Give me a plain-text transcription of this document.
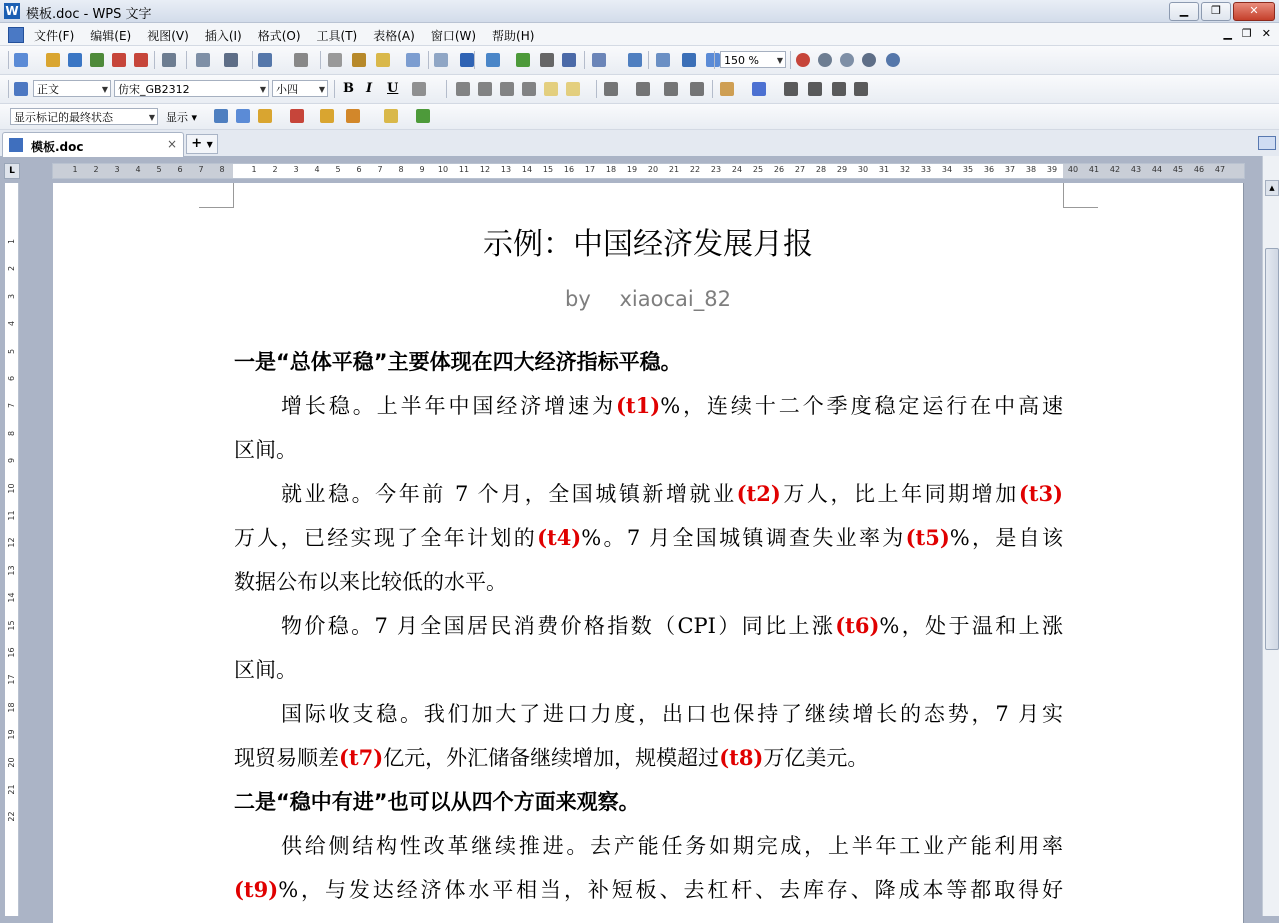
W 模板.doc - WPS 文字	▁	❐	✕
文件(F) 编辑(E) 视图(V) 插入(I) 格式(O) 工具(T) 表格(A) 窗口(W) 帮助(H)	▁ ❐ ✕
150 % ▼
正文	▼ 仿宋_GB2312	▼ 小四	▼ B I U
显示标记的最终状态	▼ 显示 ▾
模板.doc	×	+ ▼
L	8
7
6
5
4
3
2
1	1 2 3 4 5 6 7 8 9 10 11 12 13 14 15 16 17 18 19 20 21 22 23 24 25 26 27 28 29 30 31 32 33 34 35 36 37 38 39 40 41 42 43 44 45 46 47
1
2
3
4
5
6
7
8
9
10
11
12
13
14
15
16
17
18
19
20
21
22
示例：中国经济发展月报
by xiaocai_82
一是“总体平稳”主要体现在四大经济指标平稳。
增长稳。上半年中国经济增速为(t1)%，连续十二个季度稳定运行在中高速
区间。
就业稳。今年前 7 个月，全国城镇新增就业(t2)万人，比上年同期增加(t3)
万人，已经实现了全年计划的(t4)%。7 月全国城镇调查失业率为(t5)%，是自该
数据公布以来比较低的水平。
物价稳。7 月全国居民消费价格指数（CPI）同比上涨(t6)%，处于温和上涨
区间。
国际收支稳。我们加大了进口力度，出口也保持了继续增长的态势，7 月实
现贸易顺差(t7)亿元，外汇储备继续增加，规模超过(t8)万亿美元。
二是“稳中有进”也可以从四个方面来观察。
供给侧结构性改革继续推进。去产能任务如期完成，上半年工业产能利用率
(t9)%，与发达经济体水平相当，补短板、去杠杆、去库存、降成本等都取得好
▲
